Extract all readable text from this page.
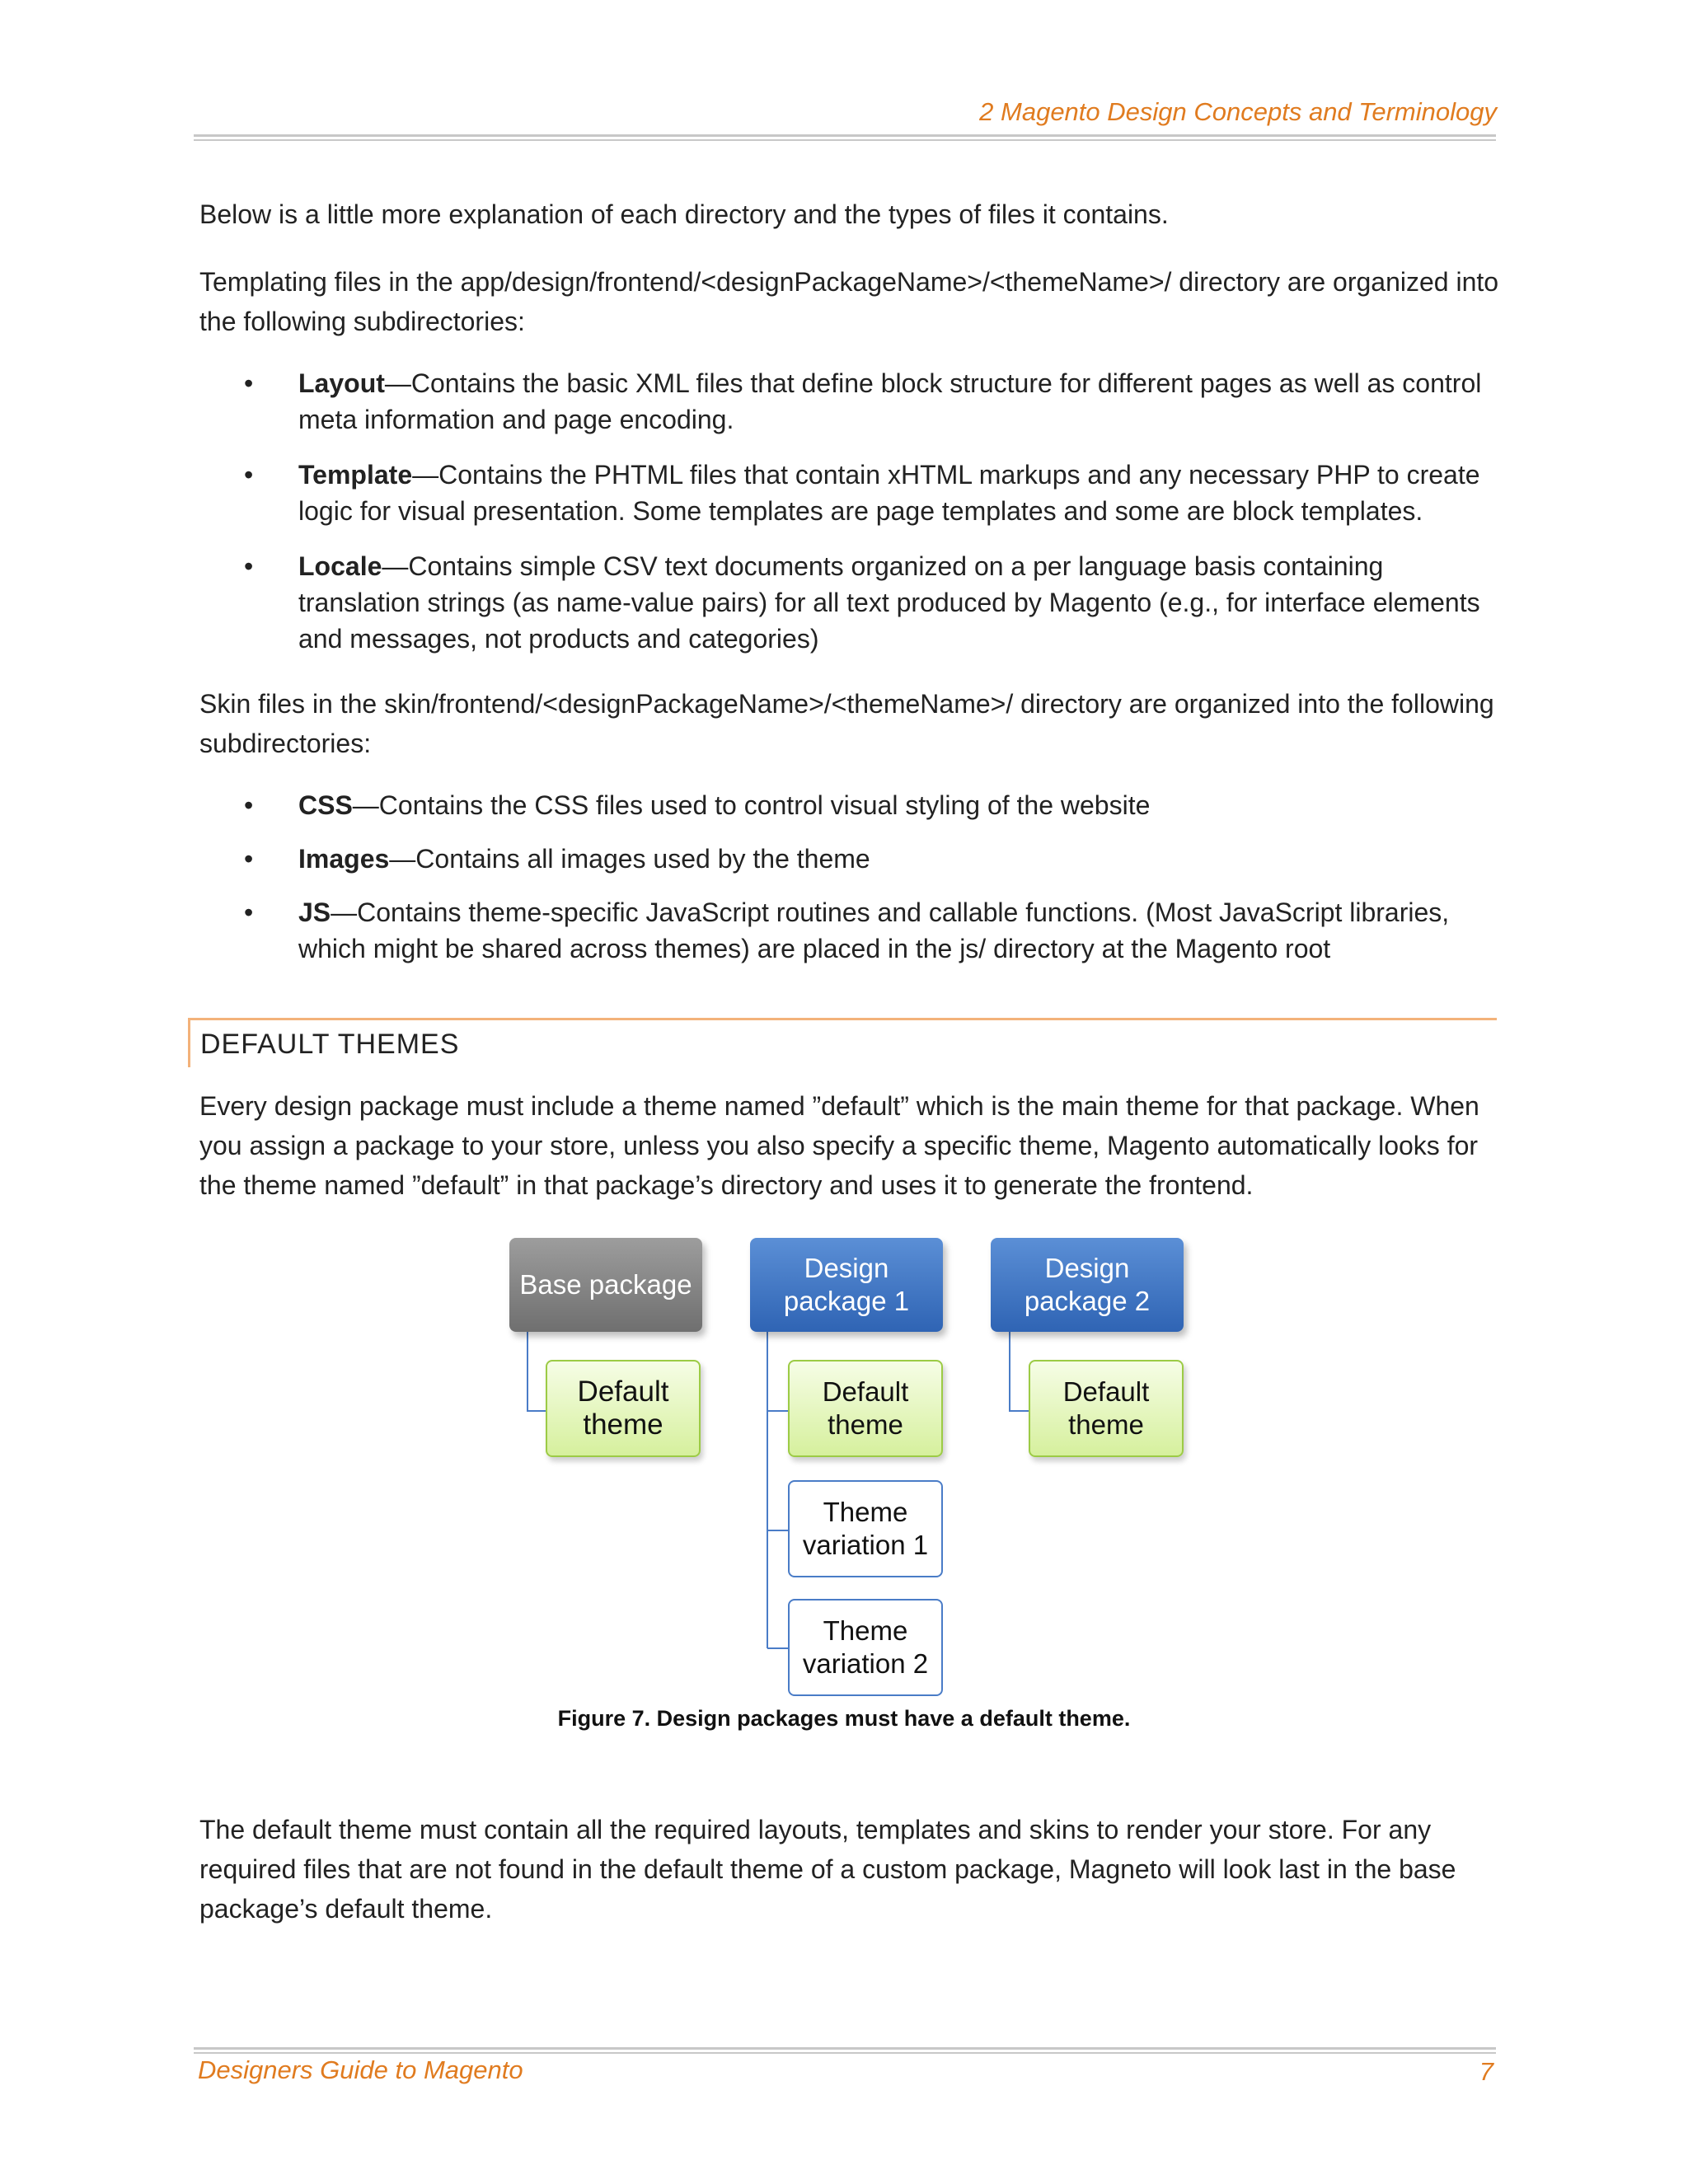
2 Magento Design Concepts and Terminology

Below is a little more explanation of each directory and the types of files it contains.

Templating files in the app/design/frontend/<designPackageName>/<themeName>/ directory are organized into the following subdirectories:

• Layout—Contains the basic XML files that define block structure for different pages as well as control meta information and page encoding.
• Template—Contains the PHTML files that contain xHTML markups and any necessary PHP to create logic for visual presentation. Some templates are page templates and some are block templates.
• Locale—Contains simple CSV text documents organized on a per language basis containing translation strings (as name-value pairs) for all text produced by Magento (e.g., for interface elements and messages, not products and categories)

Skin files in the skin/frontend/<designPackageName>/<themeName>/ directory are organized into the following subdirectories:

• CSS—Contains the CSS files used to control visual styling of the website
• Images—Contains all images used by the theme
• JS—Contains theme-specific JavaScript routines and callable functions. (Most JavaScript libraries, which might be shared across themes) are placed in the js/ directory at the Magento root
DEFAULT THEMES

Every design package must include a theme named ”default” which is the main theme for that package. When you assign a package to your store, unless you also specify a specific theme, Magento automatically looks for the theme named ”default” in that package’s directory and uses it to generate the frontend.

Base package
Design
package 1
Design
package 2
Default
theme
Default
theme
Default
theme
Theme
variation 1
Theme
variation 2
Figure 7. Design packages must have a default theme.

The default theme must contain all the required layouts, templates and skins to render your store. For any required files that are not found in the default theme of a custom package, Magneto will look last in the base package’s default theme.

Designers Guide to Magento	7
